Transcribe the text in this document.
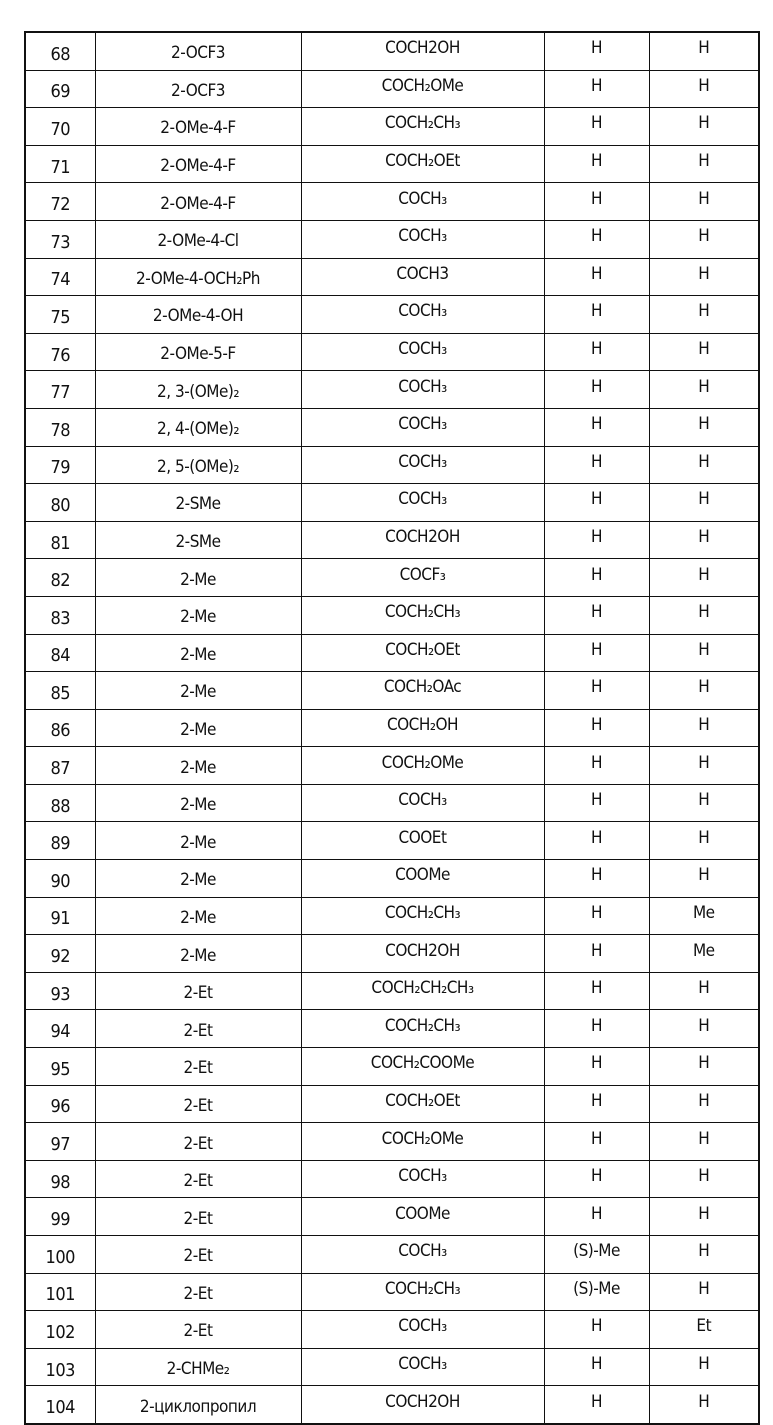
68	2-OCF3	COCH2OH	H	H
69	2-OCF3	COCH₂OMe	H	H
70	2-OMe-4-F	COCH₂CH₃	H	H
71	2-OMe-4-F	COCH₂OEt	H	H
72	2-OMe-4-F	COCH₃	H	H
73	2-OMe-4-Cl	COCH₃	H	H
74	2-OMe-4-OCH₂Ph	COCH3	H	H
75	2-OMe-4-OH	COCH₃	H	H
76	2-OMe-5-F	COCH₃	H	H
77	2, 3-(OMe)₂	COCH₃	H	H
78	2, 4-(OMe)₂	COCH₃	H	H
79	2, 5-(OMe)₂	COCH₃	H	H
80	2-SMe	COCH₃	H	H
81	2-SMe	COCH2OH	H	H
82	2-Me	COCF₃	H	H
83	2-Me	COCH₂CH₃	H	H
84	2-Me	COCH₂OEt	H	H
85	2-Me	COCH₂OAc	H	H
86	2-Me	COCH₂OH	H	H
87	2-Me	COCH₂OMe	H	H
88	2-Me	COCH₃	H	H
89	2-Me	COOEt	H	H
90	2-Me	COOMe	H	H
91	2-Me	COCH₂CH₃	H	Me
92	2-Me	COCH2OH	H	Me
93	2-Et	COCH₂CH₂CH₃	H	H
94	2-Et	COCH₂CH₃	H	H
95	2-Et	COCH₂COOMe	H	H
96	2-Et	COCH₂OEt	H	H
97	2-Et	COCH₂OMe	H	H
98	2-Et	COCH₃	H	H
99	2-Et	COOMe	H	H
100	2-Et	COCH₃	(S)-Me	H
101	2-Et	COCH₂CH₃	(S)-Me	H
102	2-Et	COCH₃	H	Et
103	2-CHMe₂	COCH₃	H	H
104	2-циклопропил	COCH2OH	H	H
